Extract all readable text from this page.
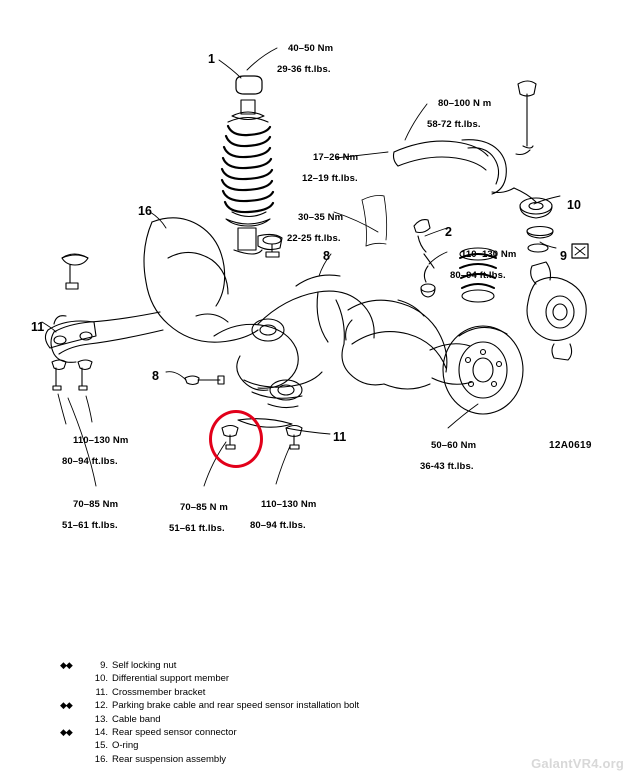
1
2
8
8
9
10
11
11
16

40–50 Nm

29-36 ft.lbs.

80–100 N m

58-72 ft.lbs.

17–26 Nm

12–19 ft.lbs.

30–35 Nm

22-25 ft.lbs.

110–130 Nm

80–94 ft.lbs.

110–130 Nm

80–94 ft.lbs.

50–60 Nm

36-43 ft.lbs.

70–85 Nm

51–61 ft.lbs.

70–85 N m

51–61 ft.lbs.

110–130 Nm

80–94 ft.lbs.

12A0619
◆◆	9. Self locking nut
10. Differential support member
11. Crossmember bracket
◆◆	12. Parking brake cable and rear speed sensor installation bolt
13. Cable band
◆◆	14. Rear speed sensor connector
15. O-ring
16. Rear suspension assembly	GalantVR4.org
